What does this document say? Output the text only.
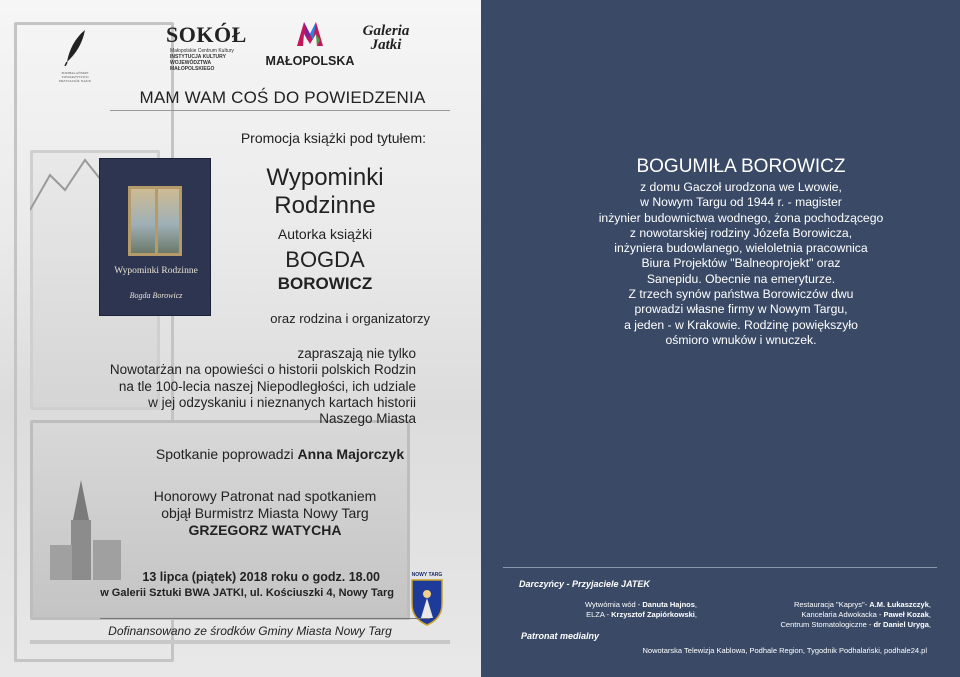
PODHALAŃSKIE
TOWARZYSTWO
PRZYJACIÓŁ NAUK
SOKÓŁ
Małopolskie Centrum Kultury
INSTYTUCJA KULTURY
WOJEWÓDZTWA MAŁOPOLSKIEGO
MAŁOPOLSKA
Galeria Jatki
MAM WAM COŚ DO POWIEDZENIA
Promocja książki pod tytułem:
Wypominki Rodzinne
Bogda Borowicz
Wypominki
Rodzinne
Autorka książki
BOGDA
BOROWICZ
oraz rodzina i organizatorzy
zapraszają nie tylko
Nowotarżan na opowieści o historii polskich Rodzin
na tle 100-lecia naszej Niepodległości, ich udziale
w jej odzyskaniu i nieznanych kartach historii
Naszego Miasta
Spotkanie poprowadzi Anna Majorczyk
Honorowy Patronat nad spotkaniem
objął Burmistrz Miasta Nowy Targ
GRZEGORZ WATYCHA
13 lipca (piątek) 2018 roku o godz. 18.00
w Galerii Sztuki BWA JATKI, ul. Kościuszki 4, Nowy Targ
NOWY TARG
Dofinansowano ze środków Gminy Miasta Nowy Targ
BOGUMIŁA BOROWICZ
z domu Gaczoł urodzona we Lwowie,
w Nowym Targu od 1944 r. - magister
inżynier budownictwa wodnego, żona pochodzącego
z nowotarskiej rodziny Józefa Borowicza,
inżyniera budowlanego, wieloletnia pracownica
Biura Projektów "Balneoprojekt" oraz
Sanepidu. Obecnie na emeryturze.
Z trzech synów państwa Borowiczów dwu
prowadzi własne firmy w Nowym Targu,
a jeden - w Krakowie. Rodzinę powiększyło
ośmioro wnuków i wnuczek.
Darczyńcy - Przyjaciele JATEK
Wytwórnia wód - Danuta Hajnos,
ELZA - Krzysztof Zapiórkowski,
Restauracja "Kaprys"- A.M. Łukaszczyk,
Kancelaria Adwokacka - Paweł Kozak,
Centrum Stomatologiczne - dr Daniel Uryga,
Patronat medialny
Nowotarska Telewizja Kablowa, Podhale Region, Tygodnik Podhalański, podhale24.pl
